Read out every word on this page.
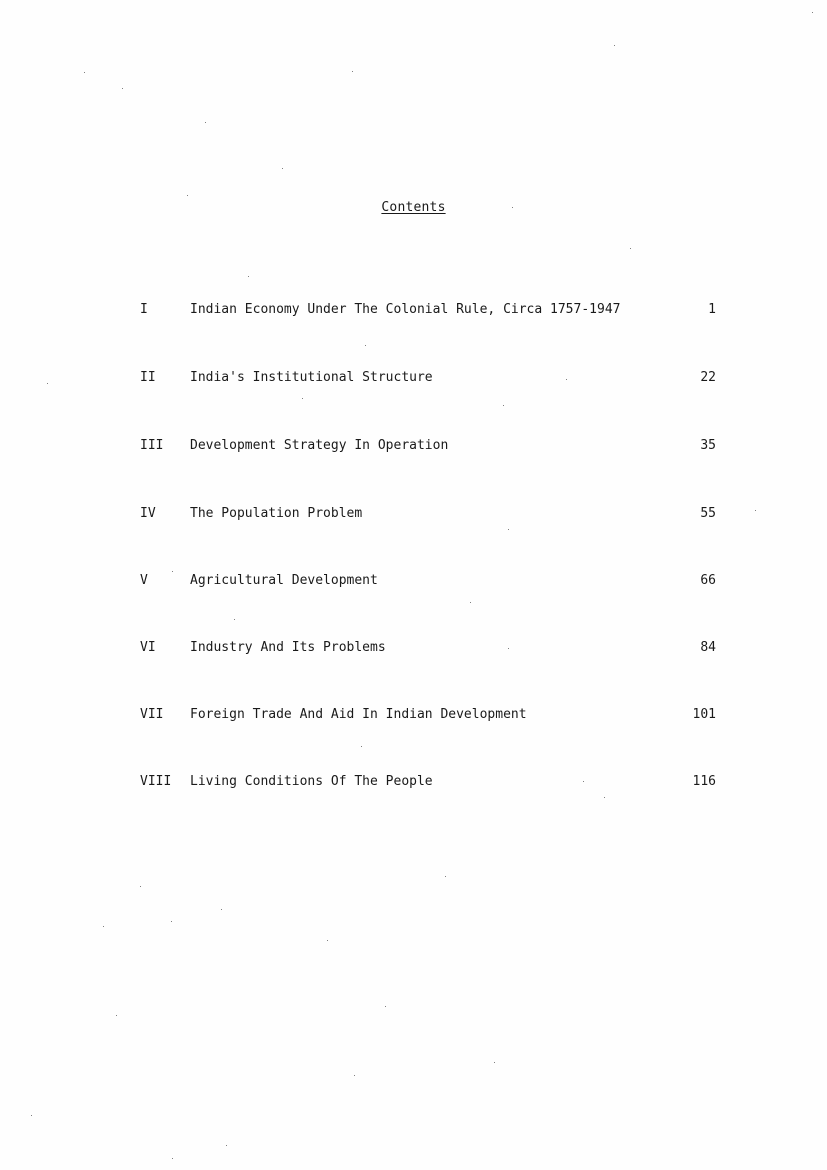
Contents
I	Indian Economy Under The Colonial Rule, Circa 1757-1947	1
II	India's Institutional Structure	22
III Development Strategy In Operation	35
IV	The Population Problem	55
V	Agricultural Development	66
VI	Industry And Its Problems	84
VII Foreign Trade And Aid In Indian Development	101
VIII Living Conditions Of The People	116
